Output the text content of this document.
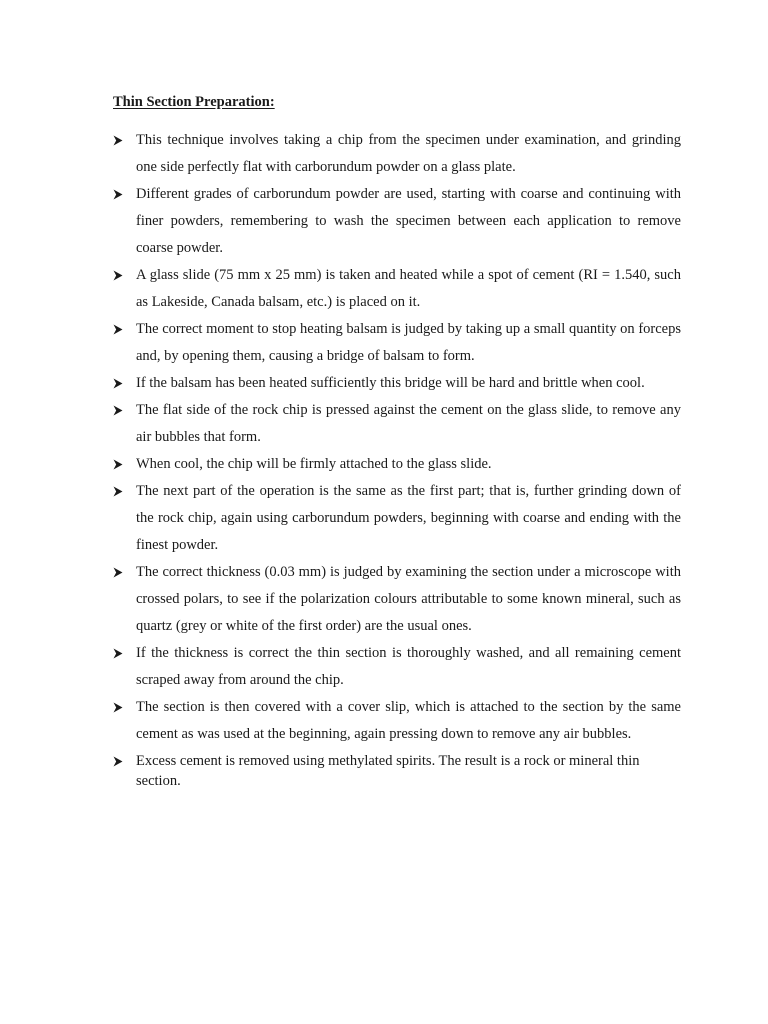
Thin Section Preparation:
This technique involves taking a chip from the specimen under examination, and grinding one side perfectly flat with carborundum powder on a glass plate.
Different grades of carborundum powder are used, starting with coarse and continuing with finer powders, remembering to wash the specimen between each application to remove coarse powder.
A glass slide (75 mm x 25 mm) is taken and heated while a spot of cement (RI = 1.540, such as Lakeside, Canada balsam, etc.) is placed on it.
The correct moment to stop heating balsam is judged by taking up a small quantity on forceps and, by opening them, causing a bridge of balsam to form.
If the balsam has been heated sufficiently this bridge will be hard and brittle when cool.
The flat side of the rock chip is pressed against the cement on the glass slide, to remove any air bubbles that form.
When cool, the chip will be firmly attached to the glass slide.
The next part of the operation is the same as the first part; that is, further grinding down of the rock chip, again using carborundum powders, beginning with coarse and ending with the finest powder.
The correct thickness (0.03 mm) is judged by examining the section under a microscope with crossed polars, to see if the polarization colours attributable to some known mineral, such as quartz (grey or white of the first order) are the usual ones.
If the thickness is correct the thin section is thoroughly washed, and all remaining cement scraped away from around the chip.
The section is then covered with a cover slip, which is attached to the section by the same cement as was used at the beginning, again pressing down to remove any air bubbles.
Excess cement is removed using methylated spirits. The result is a rock or mineral thin section.
